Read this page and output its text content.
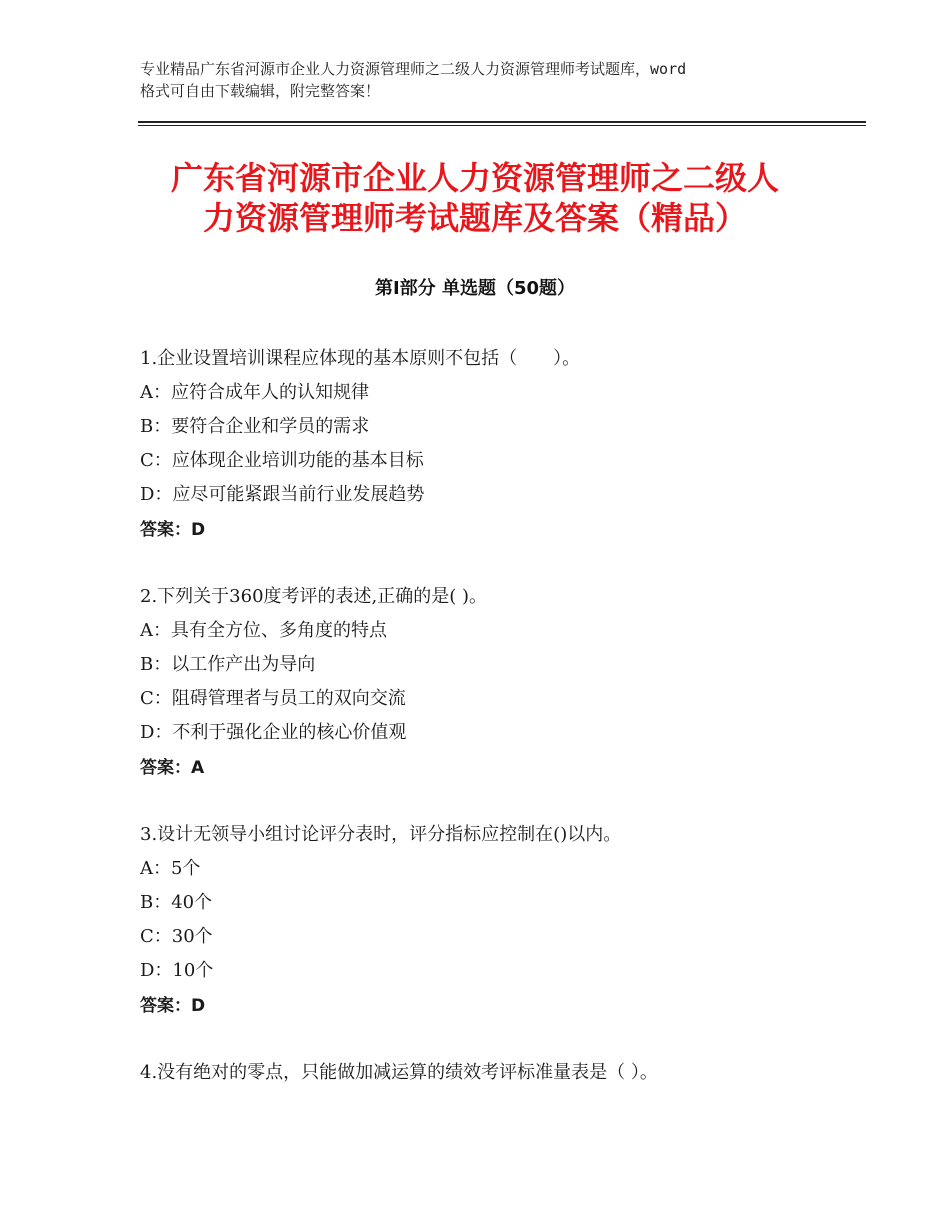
专业精品广东省河源市企业人力资源管理师之二级人力资源管理师考试题库，word
格式可自由下载编辑，附完整答案！
广东省河源市企业人力资源管理师之二级人
力资源管理师考试题库及答案（精品）
第Ⅰ部分 单选题（50题）

1.企业设置培训课程应体现的基本原则不包括（　　）。

A：应符合成年人的认知规律

B：要符合企业和学员的需求

C：应体现企业培训功能的基本目标

D：应尽可能紧跟当前行业发展趋势

答案：D

2.下列关于360度考评的表述,正确的是( )。

A：具有全方位、多角度的特点

B：以工作产出为导向

C：阻碍管理者与员工的双向交流

D：不利于强化企业的核心价值观

答案：A

3.设计无领导小组讨论评分表时，评分指标应控制在()以内。

A：5个

B：40个

C：30个

D：10个

答案：D

4.没有绝对的零点，只能做加减运算的绩效考评标准量表是（ ）。
